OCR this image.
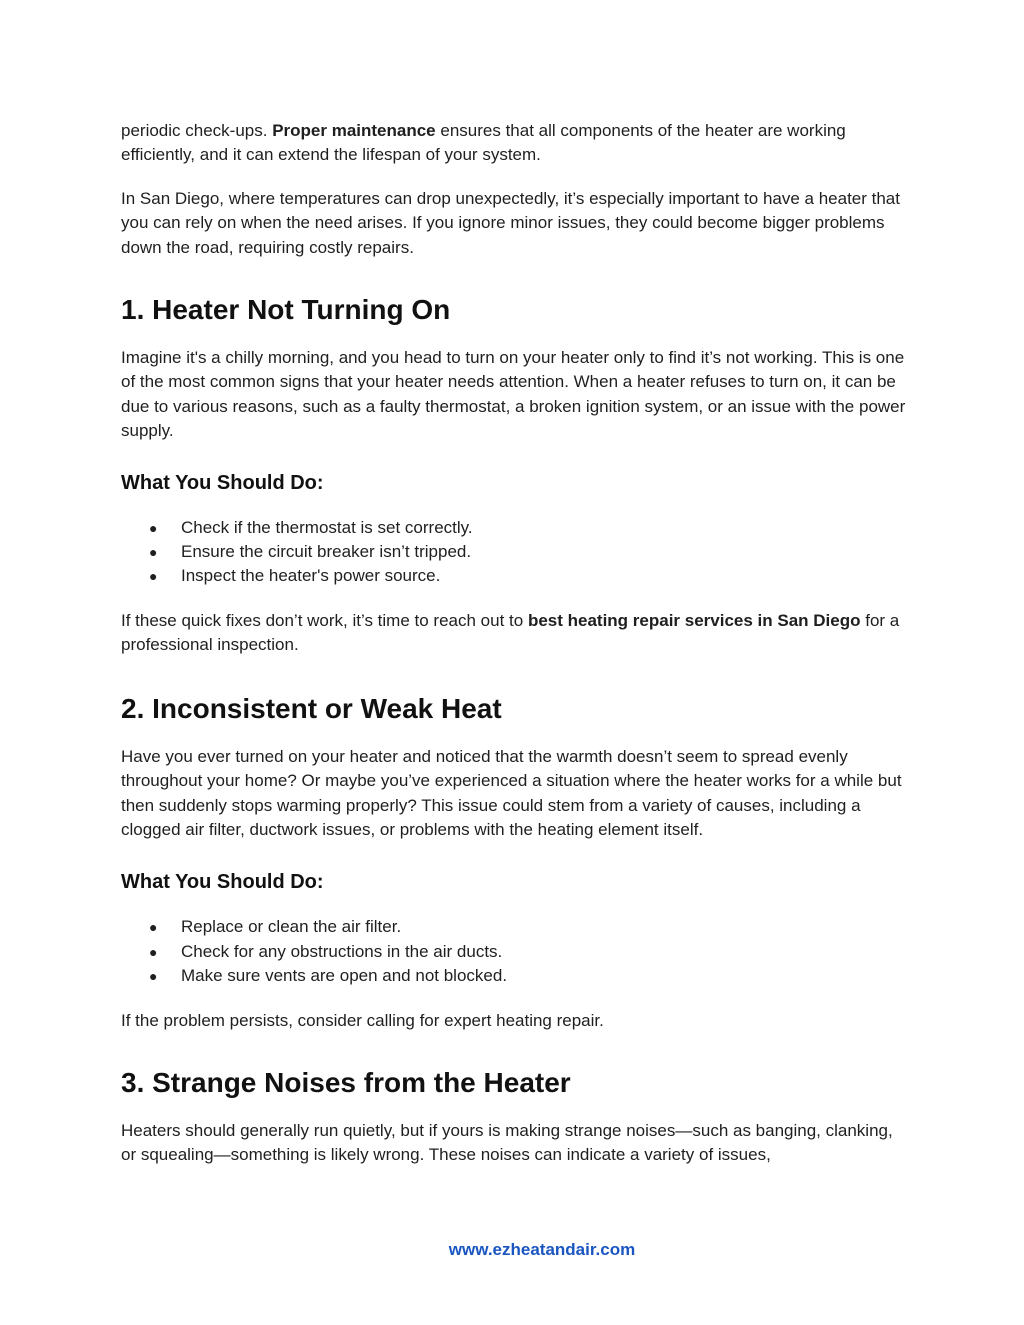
periodic check-ups. Proper maintenance ensures that all components of the heater are working efficiently, and it can extend the lifespan of your system.

In San Diego, where temperatures can drop unexpectedly, it’s especially important to have a heater that you can rely on when the need arises. If you ignore minor issues, they could become bigger problems down the road, requiring costly repairs.

1. Heater Not Turning On

Imagine it's a chilly morning, and you head to turn on your heater only to find it’s not working. This is one of the most common signs that your heater needs attention. When a heater refuses to turn on, it can be due to various reasons, such as a faulty thermostat, a broken ignition system, or an issue with the power supply.

What You Should Do:
● Check if the thermostat is set correctly.
● Ensure the circuit breaker isn’t tripped.
● Inspect the heater's power source.

If these quick fixes don’t work, it’s time to reach out to best heating repair services in San Diego for a professional inspection.

2. Inconsistent or Weak Heat

Have you ever turned on your heater and noticed that the warmth doesn’t seem to spread evenly throughout your home? Or maybe you’ve experienced a situation where the heater works for a while but then suddenly stops warming properly? This issue could stem from a variety of causes, including a clogged air filter, ductwork issues, or problems with the heating element itself.

What You Should Do:
● Replace or clean the air filter.
● Check for any obstructions in the air ducts.
● Make sure vents are open and not blocked.

If the problem persists, consider calling for expert heating repair.

3. Strange Noises from the Heater

Heaters should generally run quietly, but if yours is making strange noises—such as banging, clanking, or squealing—something is likely wrong. These noises can indicate a variety of issues,

www.ezheatandair.com
